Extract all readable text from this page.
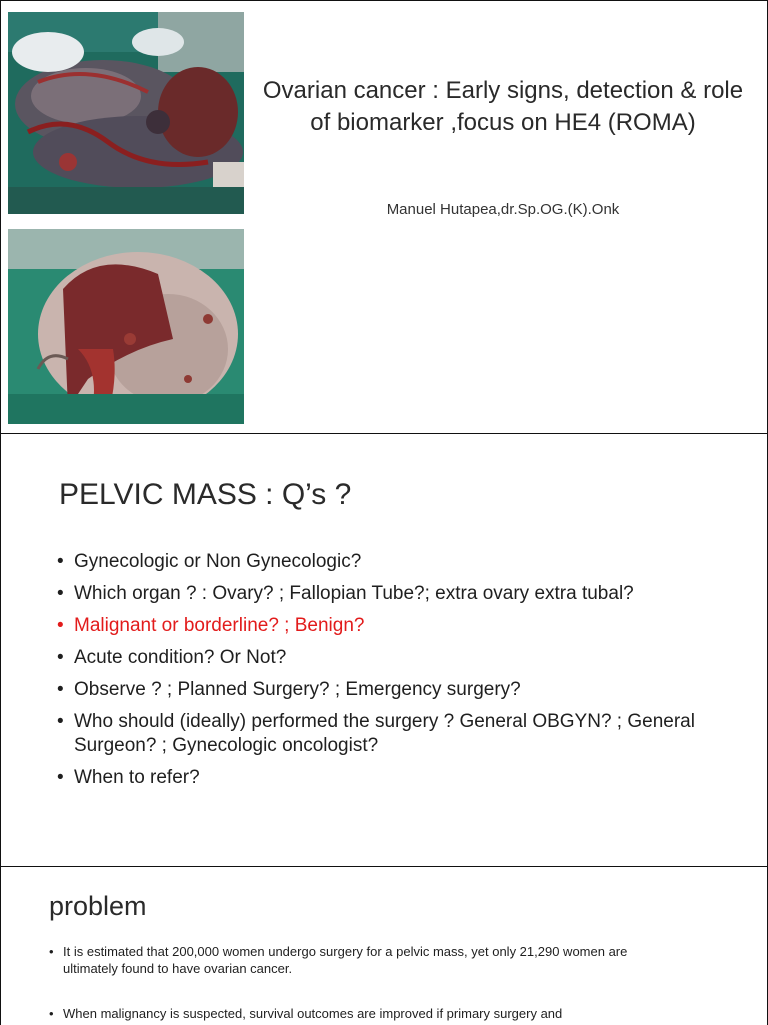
Ovarian cancer : Early signs, detection & role of biomarker ,focus on HE4 (ROMA)
Manuel Hutapea,dr.Sp.OG.(K).Onk
PELVIC MASS : Q’s ?
• Gynecologic or Non Gynecologic?
• Which organ ? : Ovary? ; Fallopian Tube?; extra ovary extra tubal?
• Malignant or borderline? ; Benign?
• Acute condition? Or Not?
• Observe ? ; Planned Surgery? ; Emergency surgery?
• Who should (ideally) performed the surgery ? General OBGYN? ; General Surgeon? ; Gynecologic oncologist?
• When to refer?
problem
• It is estimated that 200,000 women undergo surgery for a pelvic mass, yet only 21,290 women are ultimately found to have ovarian cancer.
• When malignancy is suspected, survival outcomes are improved if primary surgery and
